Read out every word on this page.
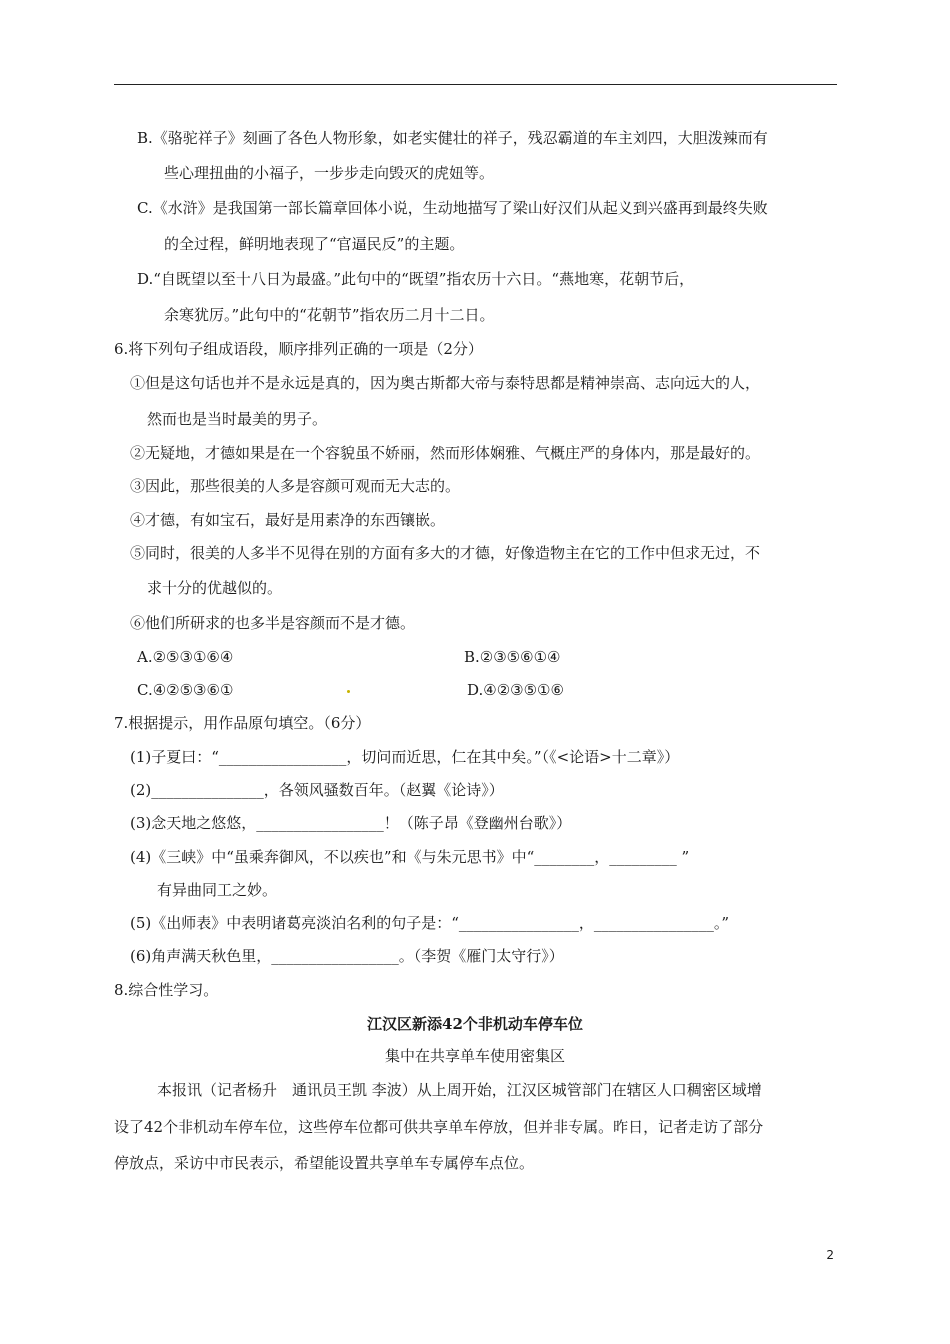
B.《骆驼祥子》刻画了各色人物形象，如老实健壮的祥子，残忍霸道的车主刘四，大胆泼辣而有
些心理扭曲的小福子，一步步走向毁灭的虎妞等。
C.《水浒》是我国第一部长篇章回体小说，生动地描写了梁山好汉们从起义到兴盛再到最终失败
的全过程，鲜明地表现了“官逼民反”的主题。
D.“自既望以至十八日为最盛。”此句中的“既望”指农历十六日。“燕地寒，花朝节后，
余寒犹厉。”此句中的“花朝节”指农历二月十二日。
6.将下列句子组成语段，顺序排列正确的一项是（2分）
①但是这句话也并不是永远是真的，因为奥古斯都大帝与泰特思都是精神崇高、志向远大的人，
然而也是当时最美的男子。
②无疑地，才德如果是在一个容貌虽不娇丽，然而形体娴雅、气概庄严的身体内，那是最好的。
③因此，那些很美的人多是容颜可观而无大志的。
④才德，有如宝石，最好是用素净的东西镶嵌。
⑤同时，很美的人多半不见得在别的方面有多大的才德，好像造物主在它的工作中但求无过，不
求十分的优越似的。
⑥他们所研求的也多半是容颜而不是才德。
A.②⑤③①⑥④	B.②③⑤⑥①④
C.④②⑤③⑥①	D.④②③⑤①⑥
7.根据提示，用作品原句填空。（6分）
(1)子夏曰：“_________________，切问而近思，仁在其中矣。”（《<论语>十二章》）
(2)_______________，各领风骚数百年。（赵翼《论诗》）
(3)念天地之悠悠，_________________！（陈子昂《登幽州台歌》）
(4)《三峡》中“虽乘奔御风，不以疾也”和《与朱元思书》中“________，_________ ”
有异曲同工之妙。
(5)《出师表》中表明诸葛亮淡泊名利的句子是：“________________，________________。”
(6)角声满天秋色里，_________________。（李贺《雁门太守行》）
8.综合性学习。
江汉区新添42个非机动车停车位
集中在共享单车使用密集区
本报讯（记者杨升　通讯员王凯 李波）从上周开始，江汉区城管部门在辖区人口稠密区域增
设了42个非机动车停车位，这些停车位都可供共享单车停放，但并非专属。昨日，记者走访了部分
停放点，采访中市民表示，希望能设置共享单车专属停车点位。
2
